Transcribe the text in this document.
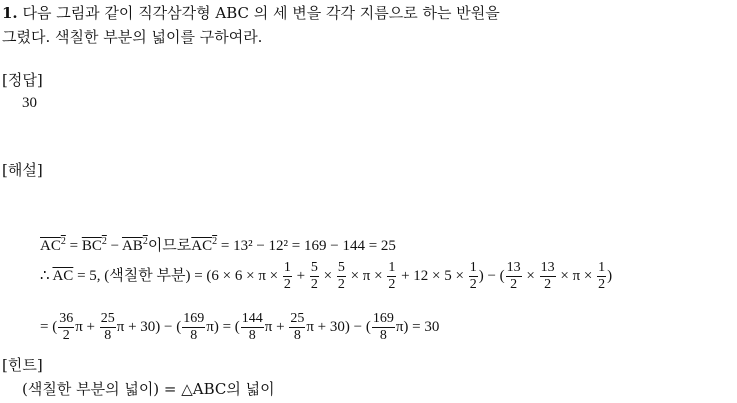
1. 다음 그림과 같이 직각삼각형 ABC 의 세 변을 각각 지름으로 하는 반원을
그렸다. 색칠한 부분의 넓이를 구하여라.
[정답]
30
[해설]
$AC^2 = BC^2 - AB^2$이므로$AC^2 = 13^2 - 12^2 = 169 - 144 = 25$
∴ $\overline{AC} = 5$, (색칠한 부분) = ($6 \times 6 \times \pi \times \frac{1}{2} + \frac{5}{2} \times \frac{5}{2} \times \pi \times \frac{1}{2} + 12 \times 5 \times \frac{1}{2}$ ) − ( $\frac{13}{2} \times \frac{13}{2} \times \pi \times \frac{1}{2}$ )
= ( $\frac{36}{2}$ $\pi + \frac{25}{8}$ π + 30) − ( $\frac{169}{8} \pi$) = ( $\frac{144}{8}$ $\pi + \frac{25}{8}$ π + 30) − ( $\frac{169}{8} \pi) = 30$
[힌트]
(색칠한 부분의 넓이) = △ABC의 넓이
